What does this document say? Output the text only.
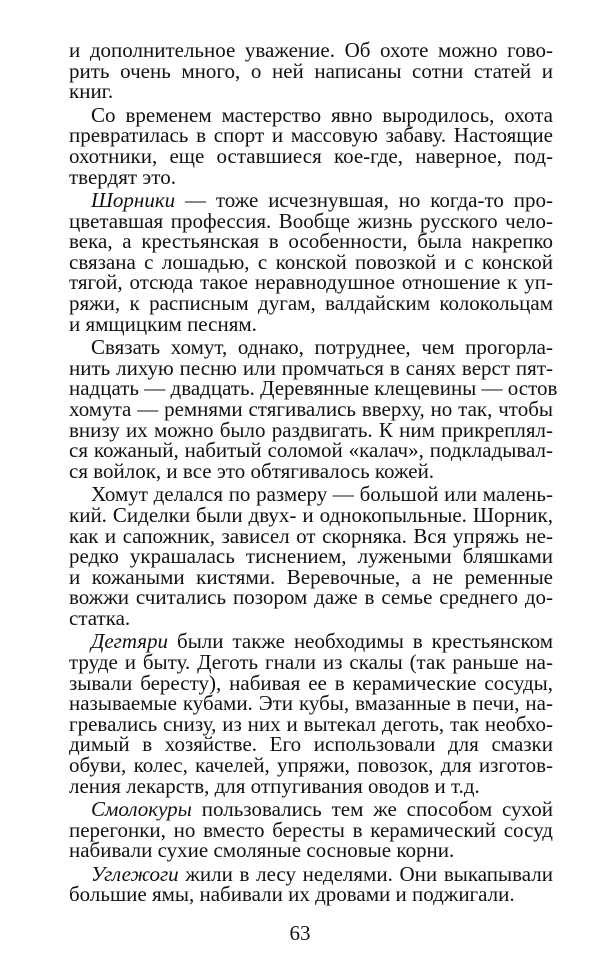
и дополнительное уважение. Об охоте можно гово-
рить очень много, о ней написаны сотни статей и
книг.
Со временем мастерство явно выродилось, охота
превратилась в спорт и массовую забаву. Настоящие
охотники, еще оставшиеся кое-где, наверное, под-
твердят это.
Шорники — тоже исчезнувшая, но когда-то про-
цветавшая профессия. Вообще жизнь русского чело-
века, а крестьянская в особенности, была накрепко
связана с лошадью, с конской повозкой и с конской
тягой, отсюда такое неравнодушное отношение к уп-
ряжи, к расписным дугам, валдайским колокольцам
и ямщицким песням.
Связать хомут, однако, потруднее, чем прогорла-
нить лихую песню или промчаться в санях верст пят-
надцать — двадцать. Деревянные клещевины — остов
хомута — ремнями стягивались вверху, но так, чтобы
внизу их можно было раздвигать. К ним прикреплял-
ся кожаный, набитый соломой «калач», подкладывал-
ся войлок, и все это обтягивалось кожей.
Хомут делался по размеру — большой или малень-
кий. Сиделки были двух- и однокопыльные. Шорник,
как и сапожник, зависел от скорняка. Вся упряжь не-
редко украшалась тиснением, лужеными бляшками
и кожаными кистями. Веревочные, а не ременные
вожжи считались позором даже в семье среднего до-
статка.
Дегтяри были также необходимы в крестьянском
труде и быту. Деготь гнали из скалы (так раньше на-
зывали бересту), набивая ее в керамические сосуды,
называемые кубами. Эти кубы, вмазанные в печи, на-
гревались снизу, из них и вытекал деготь, так необхо-
димый в хозяйстве. Его использовали для смазки
обуви, колес, качелей, упряжи, повозок, для изготов-
ления лекарств, для отпугивания оводов и т.д.
Смолокуры пользовались тем же способом сухой
перегонки, но вместо бересты в керамический сосуд
набивали сухие смоляные сосновые корни.
Углежоги жили в лесу неделями. Они выкапывали
большие ямы, набивали их дровами и поджигали.
63
